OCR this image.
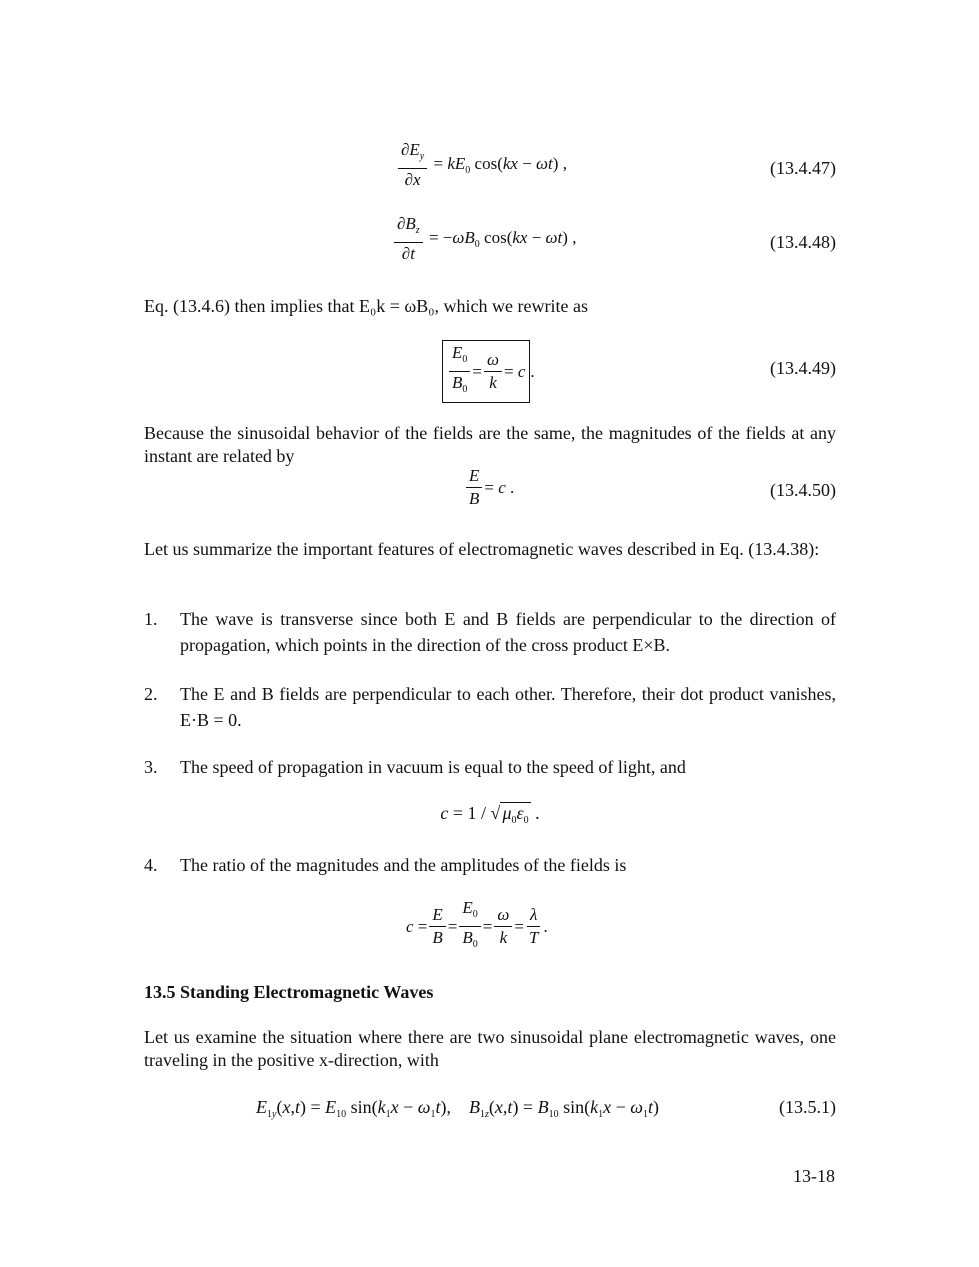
$\frac{\partial E_y}{\partial x} = kE_0$ cos(kx − ωt) ,	(13.4.47)
$\frac{\partial B_z}{\partial t} = -\omega B_0$ cos(kx − ωt) ,	(13.4.48)
Eq. (13.4.6) then implies that E₀k = ωB₀, which we rewrite as
$\frac{E_0}{B_0} = \frac{\omega}{k} = c$ .	(13.4.49)
Because the sinusoidal behavior of the fields are the same, the magnitudes of the fields at any instant are related by
$\frac{E}{B} = c$ .	(13.4.50)
Let us summarize the important features of electromagnetic waves described in Eq. (13.4.38):
1. The wave is transverse since both E and B fields are perpendicular to the direction of propagation, which points in the direction of the cross product E×B.
2. The E and B fields are perpendicular to each other. Therefore, their dot product vanishes, E·B = 0.
3. The speed of propagation in vacuum is equal to the speed of light, and
c = 1 / √ $\mu_0\varepsilon_0$ .
4. The ratio of the magnitudes and the amplitudes of the fields is
$c = \frac{E}{B} = \frac{E_0}{B_0} = \frac{\omega}{k} = \frac{\lambda}{T}$ .
13.5 Standing Electromagnetic Waves
Let us examine the situation where there are two sinusoidal plane electromagnetic waves, one traveling in the positive x-direction, with
$E_{1y}(x,t) = E_{10}$ $\sin(k_1x - \omega_1t)$,    $B_{1z}(x,t) = B_{10}$ $\sin(k_1x - \omega_1t)$	(13.5.1)
13-18
